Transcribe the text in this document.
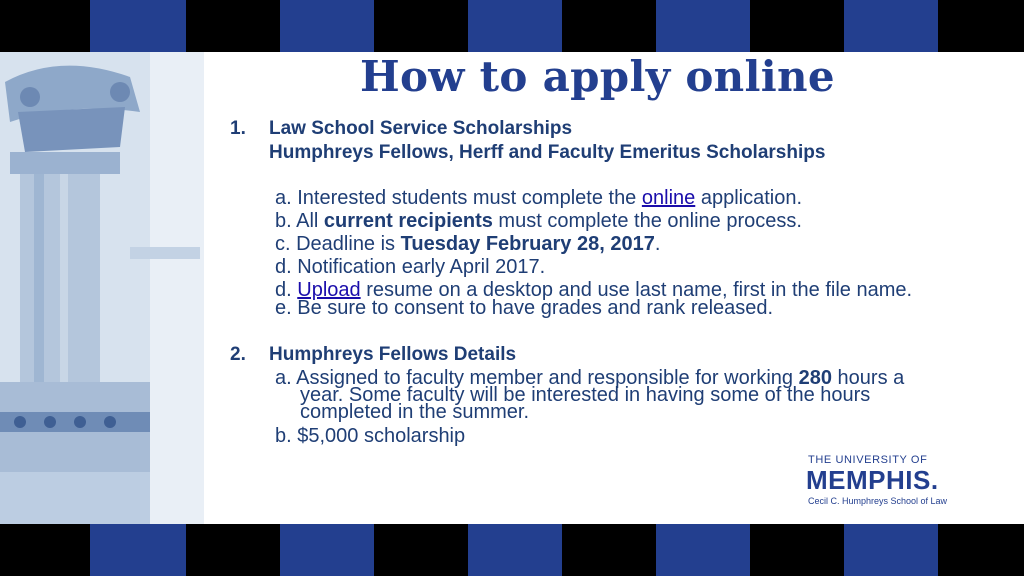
How to apply online
1. Law School Service Scholarships
Humphreys Fellows, Herff and Faculty Emeritus Scholarships
a. Interested students must complete the online application.
b. All current recipients must complete the online process.
c. Deadline is Tuesday February 28, 2017.
d. Notification early April 2017.
d. Upload resume on a desktop and use last name, first in the file name.
e. Be sure to consent to have grades and rank released.
2. Humphreys Fellows Details
a. Assigned to faculty member and responsible for working 280 hours a
year. Some faculty will be interested in having some of the hours
completed in the summer.
b. $5,000 scholarship
THE UNIVERSITY OF
MEMPHIS.
Cecil C. Humphreys School of Law
